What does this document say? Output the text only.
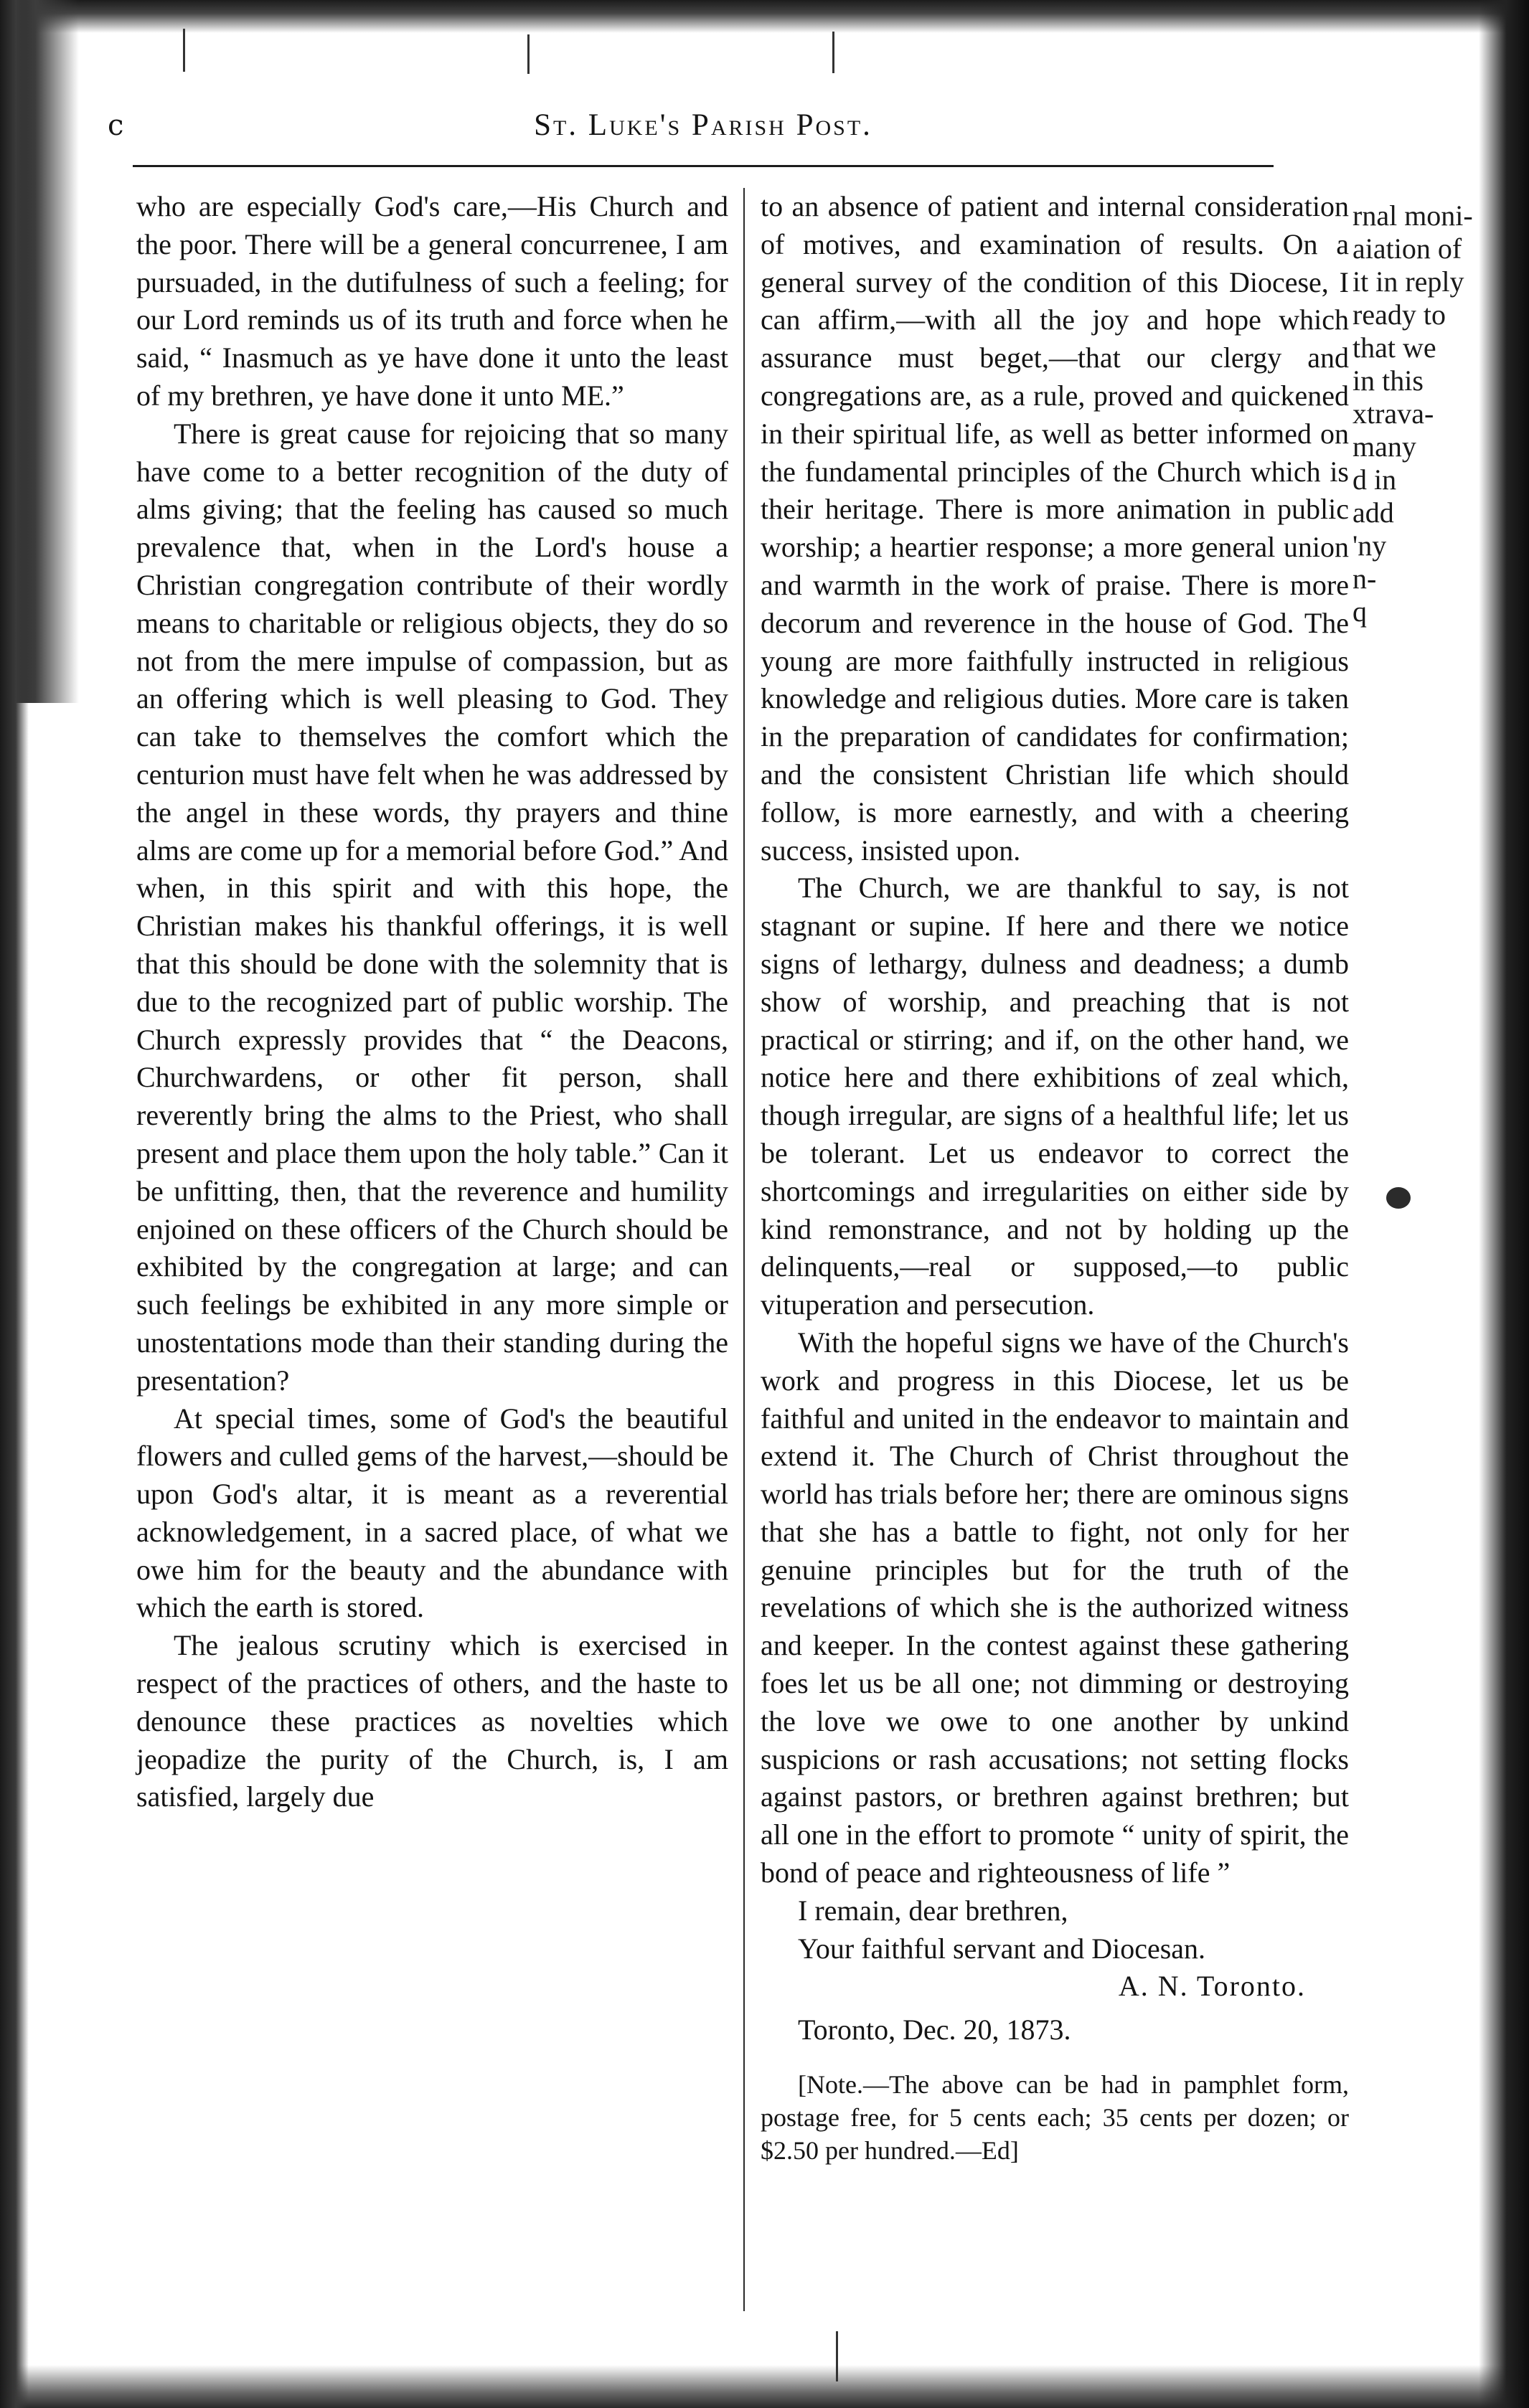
c	St. Luke's Parish Post.

who are especially God's care,—His Church and the poor. There will be a general concurrenee, I am pursuaded, in the dutifulness of such a feeling; for our Lord reminds us of its truth and force when he said, “ Inasmuch as ye have done it unto the least of my brethren, ye have done it unto ME.”

There is great cause for rejoicing that so many have come to a better recognition of the duty of alms giving; that the feeling has caused so much prevalence that, when in the Lord's house a Christian congregation contribute of their wordly means to charitable or religious objects, they do so not from the mere impulse of compassion, but as an offering which is well pleasing to God. They can take to themselves the comfort which the centurion must have felt when he was addressed by the angel in these words, thy prayers and thine alms are come up for a memorial before God.” And when, in this spirit and with this hope, the Christian makes his thankful offerings, it is well that this should be done with the solemnity that is due to the recognized part of public worship. The Church expressly provides that “ the Deacons, Churchwardens, or other fit person, shall reverently bring the alms to the Priest, who shall present and place them upon the holy table.” Can it be unfitting, then, that the reverence and humility enjoined on these officers of the Church should be exhibited by the congregation at large; and can such feelings be exhibited in any more simple or unostentations mode than their standing during the presentation?

At special times, some of God's the beautiful flowers and culled gems of the harvest,—should be upon God's altar, it is meant as a reverential acknowledgement, in a sacred place, of what we owe him for the beauty and the abundance with which the earth is stored.

The jealous scrutiny which is exercised in respect of the practices of others, and the haste to denounce these practices as novelties which jeopadize the purity of the Church, is, I am satisfied, largely due

to an absence of patient and internal consideration of motives, and examination of results. On a general survey of the condition of this Diocese, I can affirm,—with all the joy and hope which assurance must beget,—that our clergy and congregations are, as a rule, proved and quickened in their spiritual life, as well as better informed on the fundamental principles of the Church which is their heritage. There is more animation in public worship; a heartier response; a more general union and warmth in the work of praise. There is more decorum and reverence in the house of God. The young are more faithfully instructed in religious knowledge and religious duties. More care is taken in the preparation of candidates for confirmation; and the consistent Christian life which should follow, is more earnestly, and with a cheering success, insisted upon.

The Church, we are thankful to say, is not stagnant or supine. If here and there we notice signs of lethargy, dulness and deadness; a dumb show of worship, and preaching that is not practical or stirring; and if, on the other hand, we notice here and there exhibitions of zeal which, though irregular, are signs of a healthful life; let us be tolerant. Let us endeavor to correct the shortcomings and irregularities on either side by kind remonstrance, and not by holding up the delinquents,—real or supposed,—to public vituperation and persecution.

With the hopeful signs we have of the Church's work and progress in this Diocese, let us be faithful and united in the endeavor to maintain and extend it. The Church of Christ throughout the world has trials before her; there are ominous signs that she has a battle to fight, not only for her genuine principles but for the truth of the revelations of which she is the authorized witness and keeper. In the contest against these gathering foes let us be all one; not dimming or destroying the love we owe to one another by unkind suspicions or rash accusations; not setting flocks against pastors, or brethren against brethren; but all one in the effort to promote “ unity of spirit, the bond of peace and righteousness of life ”

I remain, dear brethren,

Your faithful servant and Diocesan.

A. N. Toronto.

Toronto, Dec. 20, 1873.

[Note.—The above can be had in pamphlet form, postage free, for 5 cents each; 35 cents per dozen; or $2.50 per hundred.—Ed]

rnal moni-
aiation of
it in reply
ready to
that we
in this
xtrava-
many
d in
add
'ny
n-
q
